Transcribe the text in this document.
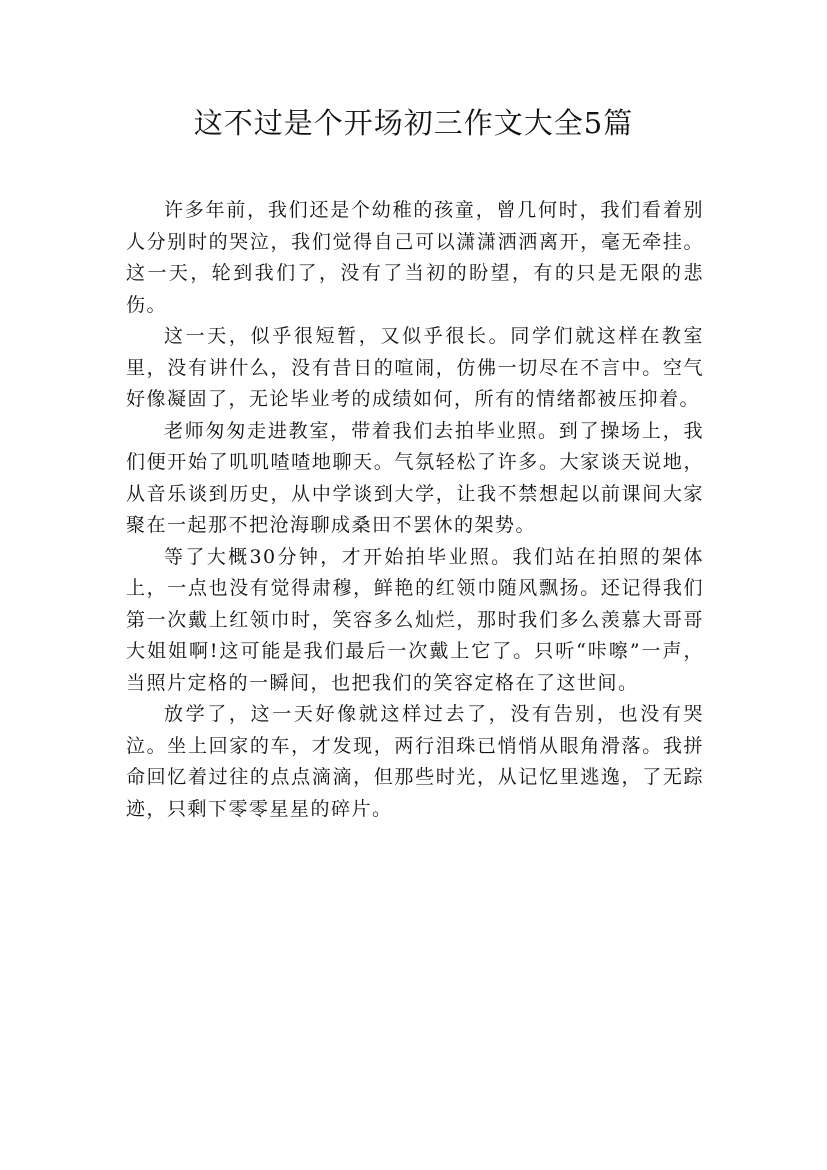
这不过是个开场初三作文大全5篇

许多年前，我们还是个幼稚的孩童，曾几何时，我们看着别人分别时的哭泣，我们觉得自己可以潇潇洒洒离开，毫无牵挂。这一天，轮到我们了，没有了当初的盼望，有的只是无限的悲伤。

这一天，似乎很短暂，又似乎很长。同学们就这样在教室里，没有讲什么，没有昔日的喧闹，仿佛一切尽在不言中。空气好像凝固了，无论毕业考的成绩如何，所有的情绪都被压抑着。

老师匆匆走进教室，带着我们去拍毕业照。到了操场上，我们便开始了叽叽喳喳地聊天。气氛轻松了许多。大家谈天说地，从音乐谈到历史，从中学谈到大学，让我不禁想起以前课间大家聚在一起那不把沧海聊成桑田不罢休的架势。

等了大概30分钟，才开始拍毕业照。我们站在拍照的架体上，一点也没有觉得肃穆，鲜艳的红领巾随风飘扬。还记得我们第一次戴上红领巾时，笑容多么灿烂，那时我们多么羡慕大哥哥大姐姐啊!这可能是我们最后一次戴上它了。只听“咔嚓”一声，当照片定格的一瞬间，也把我们的笑容定格在了这世间。

放学了，这一天好像就这样过去了，没有告别，也没有哭泣。坐上回家的车，才发现，两行泪珠已悄悄从眼角滑落。我拼命回忆着过往的点点滴滴，但那些时光，从记忆里逃逸，了无踪迹，只剩下零零星星的碎片。
